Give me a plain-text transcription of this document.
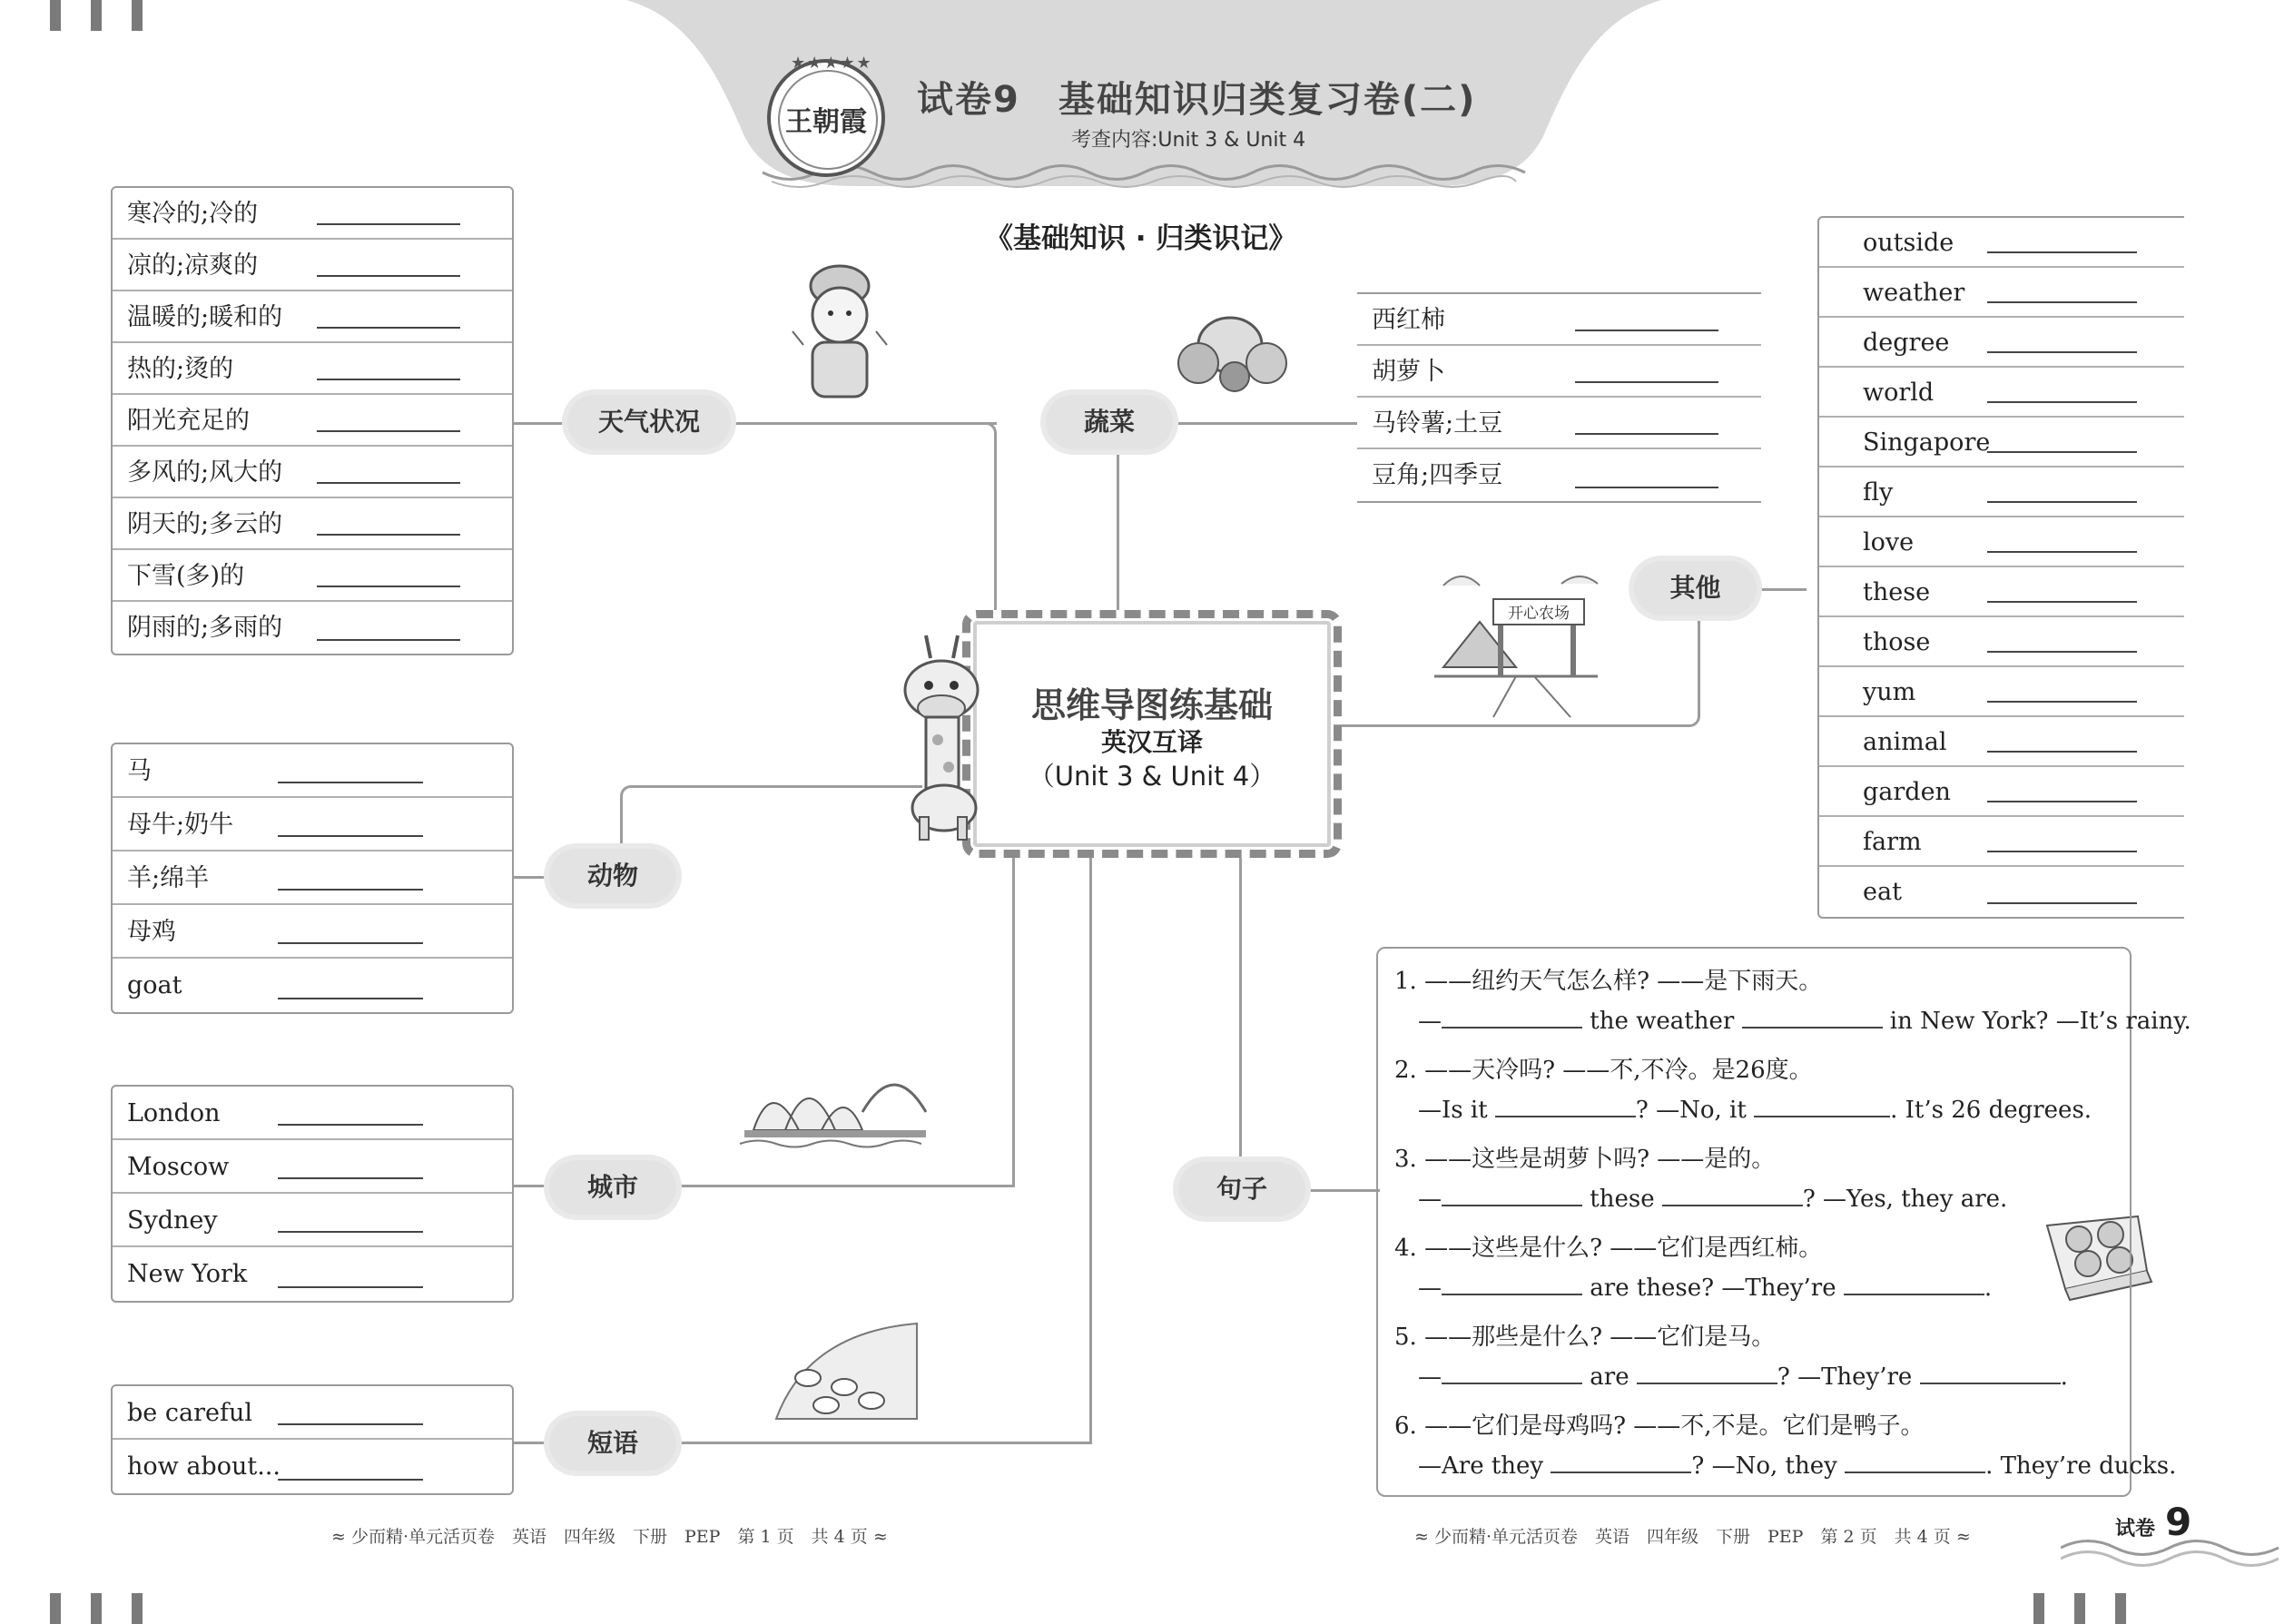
王朝霞
★★★★★
试卷9　基础知识归类复习卷(二)
考查内容:Unit 3 & Unit 4
《基础知识 · 归类识记》
思维导图练基础
英汉互译
（Unit 3 & Unit 4）
开心农场
天气状况	蔬菜
其他
动物
城市	句子
短语
寒冷的;冷的
凉的;凉爽的
温暖的;暖和的
热的;烫的
阳光充足的
多风的;风大的
阴天的;多云的
下雪(多)的
阴雨的;多雨的
西红柿
胡萝卜
马铃薯;土豆
豆角;四季豆
outside
weather
degree
world
Singapore
fly
love
these
those
yum
animal
garden
farm
eat
马
母牛;奶牛
羊;绵羊
母鸡
goat
London
Moscow
Sydney
New York
be careful
how about...
1. ——纽约天气怎么样? ——是下雨天。
—	the weather	in New York? —It’s rainy.
2. ——天冷吗? ——不,不冷。是26度。
—Is it	? —No, it	. It’s 26 degrees.
3. ——这些是胡萝卜吗? ——是的。
—	these	? —Yes, they are.
4. ——这些是什么? ——它们是西红柿。
—	are these? —They’re	.
5. ——那些是什么? ——它们是马。
—	are	? —They’re	.
6. ——它们是母鸡吗? ——不,不是。它们是鸭子。
—Are they	? —No, they	. They’re ducks.
≈ 少而精·单元活页卷　英语　四年级　下册　PEP　第 1 页　共 4 页 ≈	≈ 少而精·单元活页卷　英语　四年级　下册　PEP　第 2 页　共 4 页 ≈	试卷 9
